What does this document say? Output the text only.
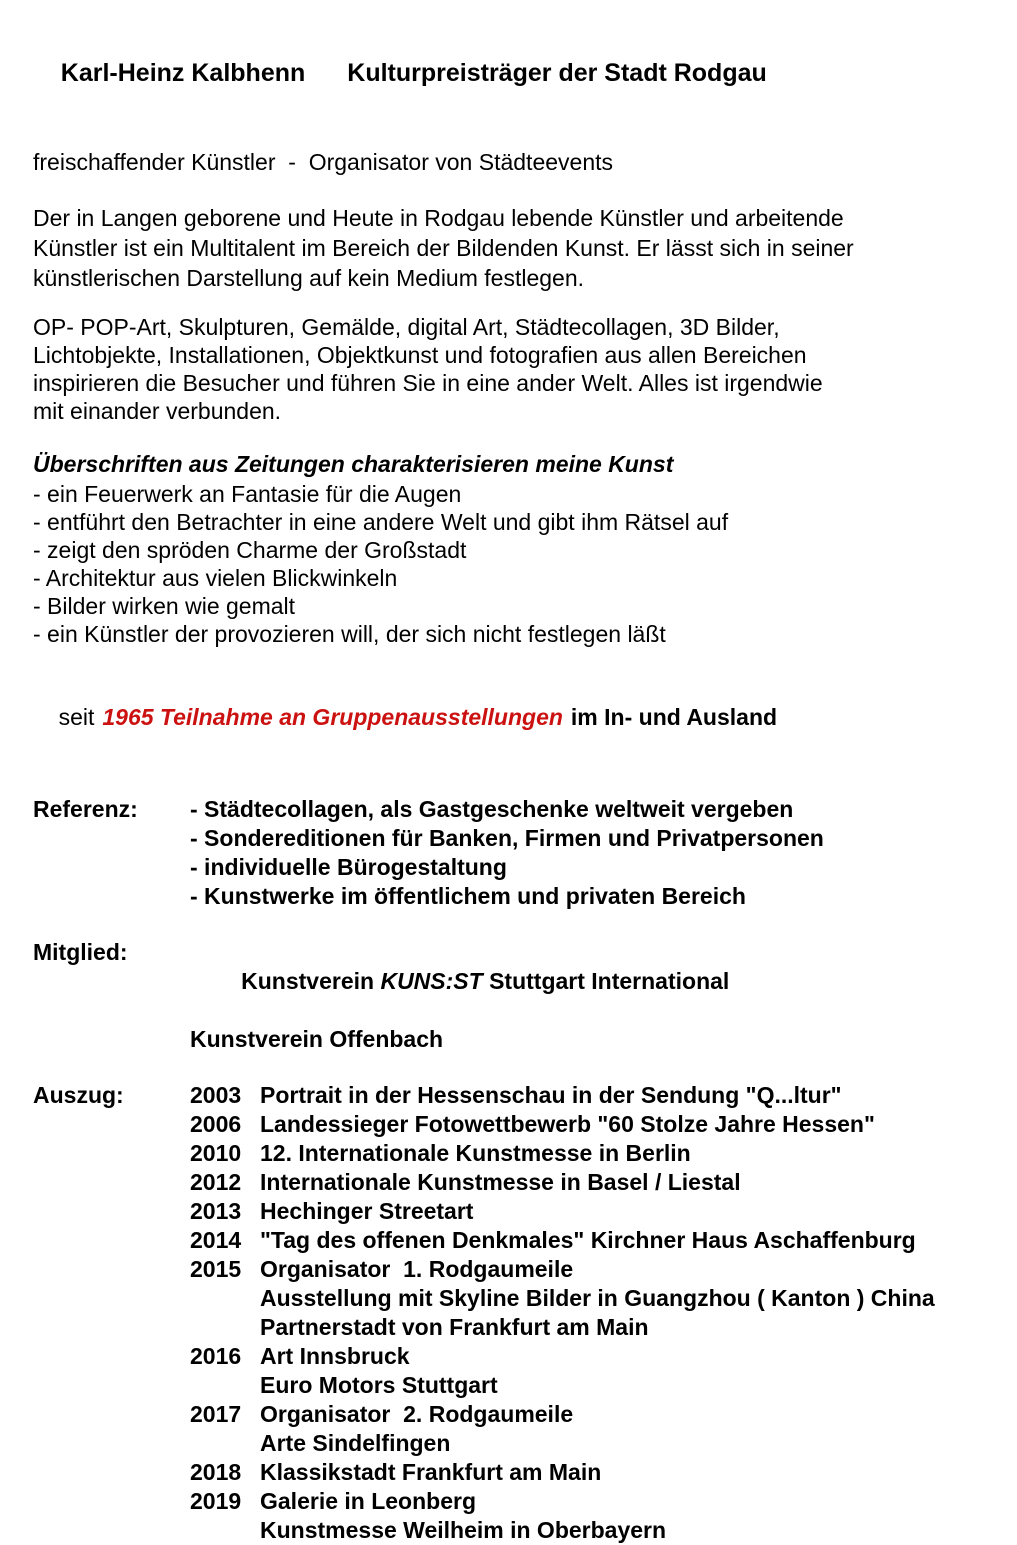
Karl-Heinz Kalbhenn Kulturpreisträger der Stadt Rodgau

freischaffender Künstler  -  Organisator von Städteevents
Der in Langen geborene und Heute in Rodgau lebende Künstler und arbeitende
Künstler ist ein Multitalent im Bereich der Bildenden Kunst. Er lässt sich in seiner
künstlerischen Darstellung auf kein Medium festlegen.
OP- POP-Art, Skulpturen, Gemälde, digital Art, Städtecollagen, 3D Bilder,
Lichtobjekte, Installationen, Objektkunst und fotografien aus allen Bereichen
inspirieren die Besucher und führen Sie in eine ander Welt. Alles ist irgendwie
mit einander verbunden.
Überschriften aus Zeitungen charakterisieren meine Kunst
- ein Feuerwerk an Fantasie für die Augen
- entführt den Betrachter in eine andere Welt und gibt ihm Rätsel auf
- zeigt den spröden Charme der Großstadt
- Architektur aus vielen Blickwinkeln
- Bilder wirken wie gemalt
- ein Künstler der provozieren will, der sich nicht festlegen läßt

seit 1965 Teilnahme an Gruppenausstellungen im In- und Ausland

Referenz:	- Städtecollagen, als Gastgeschenke weltweit vergeben
- Sondereditionen für Banken, Firmen und Privatpersonen
- individuelle Bürogestaltung
- Kunstwerke im öffentlichem und privaten Bereich
Mitglied:

Kunstverein KUNS:ST Stuttgart International

Kunstverein Offenbach
Auszug:	2003 Portrait in der Hessenschau in der Sendung "Q...ltur"
2006 Landessieger Fotowettbewerb "60 Stolze Jahre Hessen"
2010 12. Internationale Kunstmesse in Berlin
2012 Internationale Kunstmesse in Basel / Liestal
2013 Hechinger Streetart
2014 "Tag des offenen Denkmales" Kirchner Haus Aschaffenburg
2015 Organisator  1. Rodgaumeile
Ausstellung mit Skyline Bilder in Guangzhou ( Kanton ) China
Partnerstadt von Frankfurt am Main
2016 Art Innsbruck
Euro Motors Stuttgart
2017 Organisator  2. Rodgaumeile
Arte Sindelfingen
2018 Klassikstadt Frankfurt am Main
2019 Galerie in Leonberg
Kunstmesse Weilheim in Oberbayern
